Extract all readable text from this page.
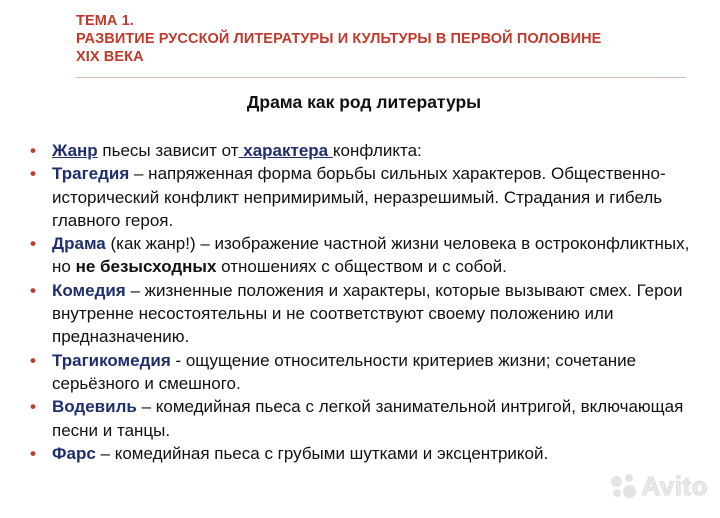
ТЕМА 1.
РАЗВИТИЕ РУССКОЙ ЛИТЕРАТУРЫ И КУЛЬТУРЫ В ПЕРВОЙ ПОЛОВИНЕ
XIX ВЕКА
Драма как род литературы
• Жанр пьесы зависит от характера конфликта:
• Трагедия – напряженная форма борьбы сильных характеров. Общественно-исторический конфликт непримиримый, неразрешимый. Страдания и гибель главного героя.
• Драма (как жанр!) – изображение частной жизни человека в остроконфликтных, но не безысходных отношениях с обществом и с собой.
• Комедия – жизненные положения и характеры, которые вызывают смех. Герои внутренне несостоятельны и не соответствуют своему положению или предназначению.
• Трагикомедия - ощущение относительности критериев жизни; сочетание серьёзного и смешного.
• Водевиль – комедийная пьеса с легкой занимательной интригой, включающая песни и танцы.
• Фарс – комедийная пьеса с грубыми шутками и эксцентрикой.
Avito
